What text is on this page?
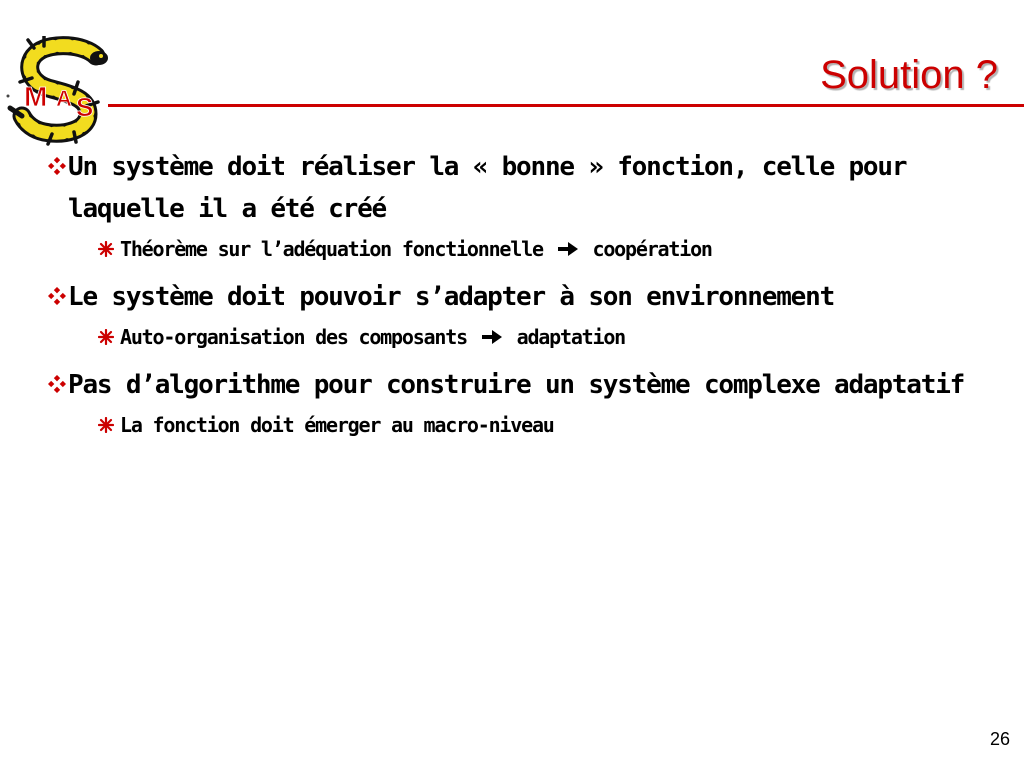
M A S
Solution ?
Un système doit réaliser la « bonne » fonction, celle pour laquelle il a été créé
Théorème sur l’adéquation fonctionnelle coopération
Le système doit pouvoir s’adapter à son environnement
Auto-organisation des composants adaptation
Pas d’algorithme pour construire un système complexe adaptatif
La fonction doit émerger au macro-niveau
26
